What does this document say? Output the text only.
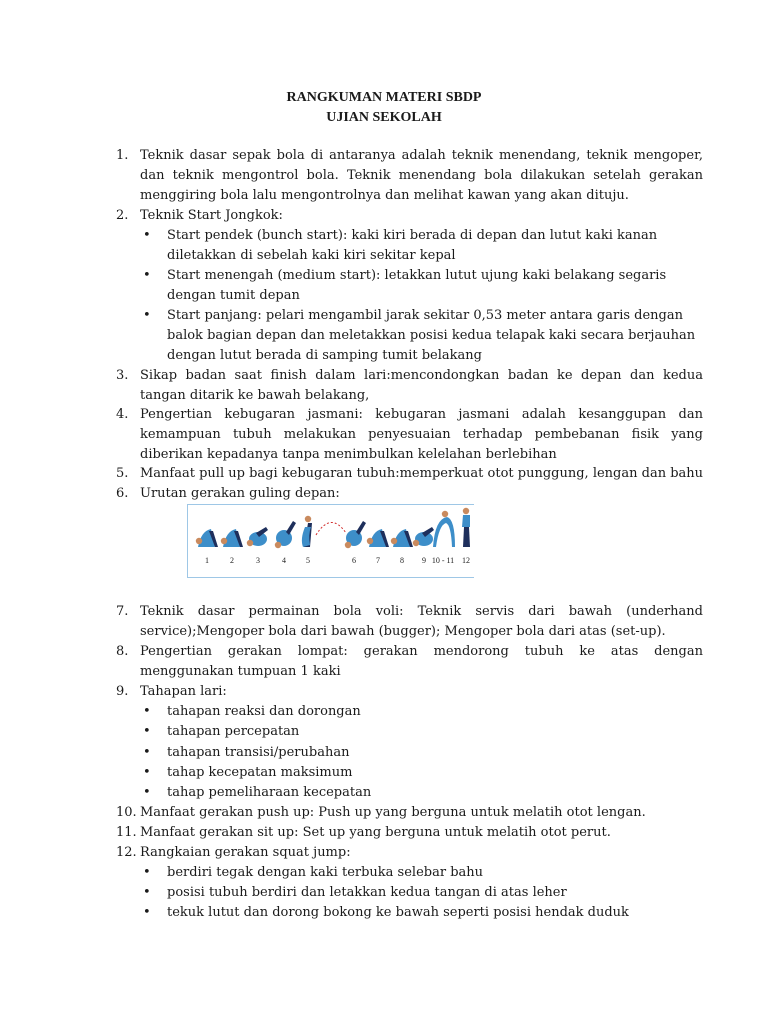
RANGKUMAN MATERI SBDP
UJIAN SEKOLAH
1. Teknik dasar sepak bola di antaranya adalah teknik menendang, teknik mengoper, dan teknik mengontrol bola. Teknik menendang bola dilakukan setelah gerakan menggiring bola lalu mengontrolnya dan melihat kawan yang akan dituju.
2. Teknik Start Jongkok:
•	Start pendek (bunch start): kaki kiri berada di depan dan lutut kaki kanan diletakkan di sebelah kaki kiri sekitar kepal
•	Start menengah (medium start): letakkan lutut ujung kaki belakang segaris dengan tumit depan
•	Start panjang: pelari mengambil jarak sekitar 0,53 meter antara garis dengan balok bagian depan dan meletakkan posisi kedua telapak kaki secara berjauhan dengan lutut berada di samping tumit belakang
3. Sikap badan saat finish dalam lari:mencondongkan badan ke depan dan kedua tangan ditarik ke bawah belakang,
4. Pengertian kebugaran jasmani: kebugaran jasmani adalah kesanggupan dan kemampuan tubuh melakukan penyesuaian terhadap pembebanan fisik yang diberikan kepadanya tanpa menimbulkan kelelahan berlebihan
5. Manfaat pull up bagi kebugaran tubuh:memperkuat otot punggung, lengan dan bahu
6. Urutan gerakan guling depan:
1	2	3	4	5	6	7	8 9 10 - 11 12
7. Teknik dasar permainan bola voli: Teknik servis dari bawah (underhand service);Mengoper bola dari bawah (bugger); Mengoper bola dari atas (set-up).
8. Pengertian gerakan lompat: gerakan mendorong tubuh ke atas dengan menggunakan tumpuan 1 kaki
9. Tahapan lari:
•	tahapan reaksi dan dorongan
•	tahapan percepatan
•	tahapan transisi/perubahan
•	tahap kecepatan maksimum
•	tahap pemeliharaan kecepatan
10. Manfaat gerakan push up: Push up yang berguna untuk melatih otot lengan.
11. Manfaat gerakan sit up: Set up yang berguna untuk melatih otot perut.
12. Rangkaian gerakan squat jump:
•	berdiri tegak dengan kaki terbuka selebar bahu
•	posisi tubuh berdiri dan letakkan kedua tangan di atas leher
•	tekuk lutut dan dorong bokong ke bawah seperti posisi hendak duduk
